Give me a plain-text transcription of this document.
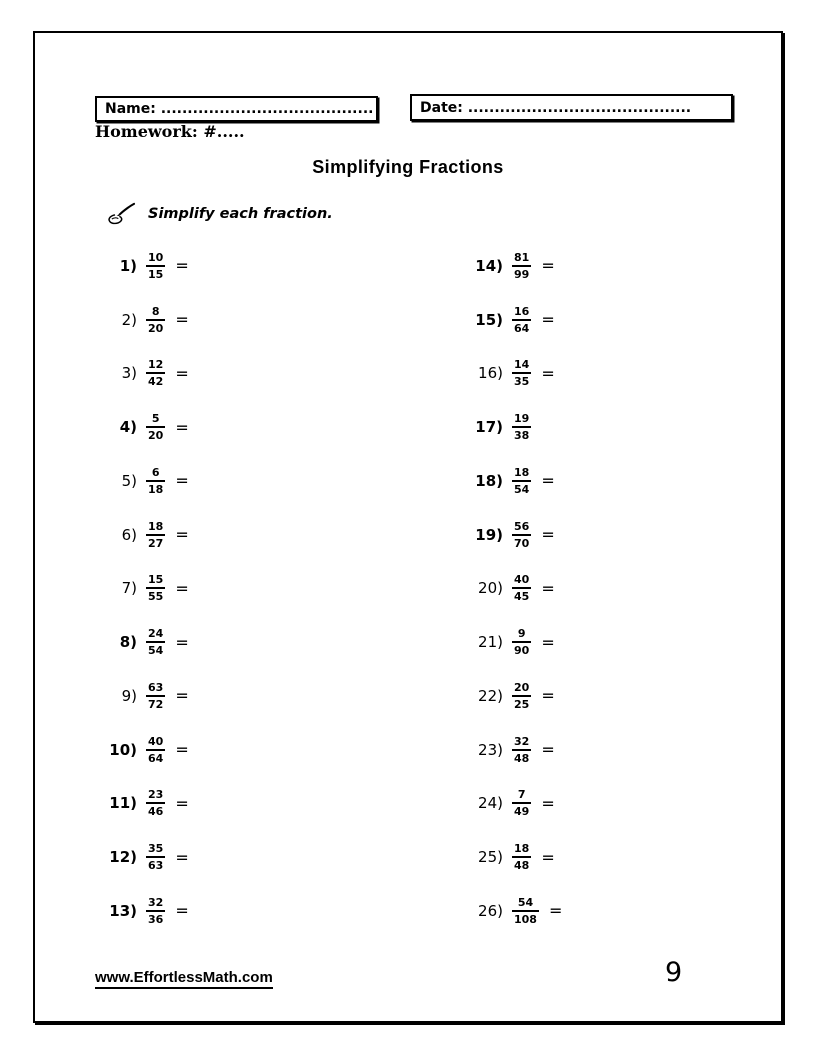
Name: ........................................	Date: ..........................................
Homework: #.....
Simplifying Fractions
Simplify each fraction.
$1) \frac{10}{15}$ =
$2) \frac{8}{20}$ =
$3) \frac{12}{42}$ =
$4) \frac{5}{20}$ =
$5) \frac{6}{18}$ =
$6) \frac{18}{27}$ =
$7) \frac{15}{55}$ =
$8) \frac{24}{54}$ =
$9) \frac{63}{72}$ =
$10) \frac{40}{64}$ =
$11) \frac{23}{46}$ =
$12) \frac{35}{63}$ =
$13) \frac{32}{36}$ =
$14) \frac{81}{99}$ =
$15) \frac{16}{64}$ =
$16) \frac{14}{35}$ =
$17) \frac{19}{38}$
$18) \frac{18}{54}$ =
$19) \frac{56}{70}$ =
$20) \frac{40}{45}$ =
$21) \frac{9}{90}$ =
$22) \frac{20}{25}$ =
$23) \frac{32}{48}$ =
$24) \frac{7}{49}$ =
$25) \frac{18}{48}$ =
$26) \frac{54}{108}$ =
www.EffortlessMath.com	9
